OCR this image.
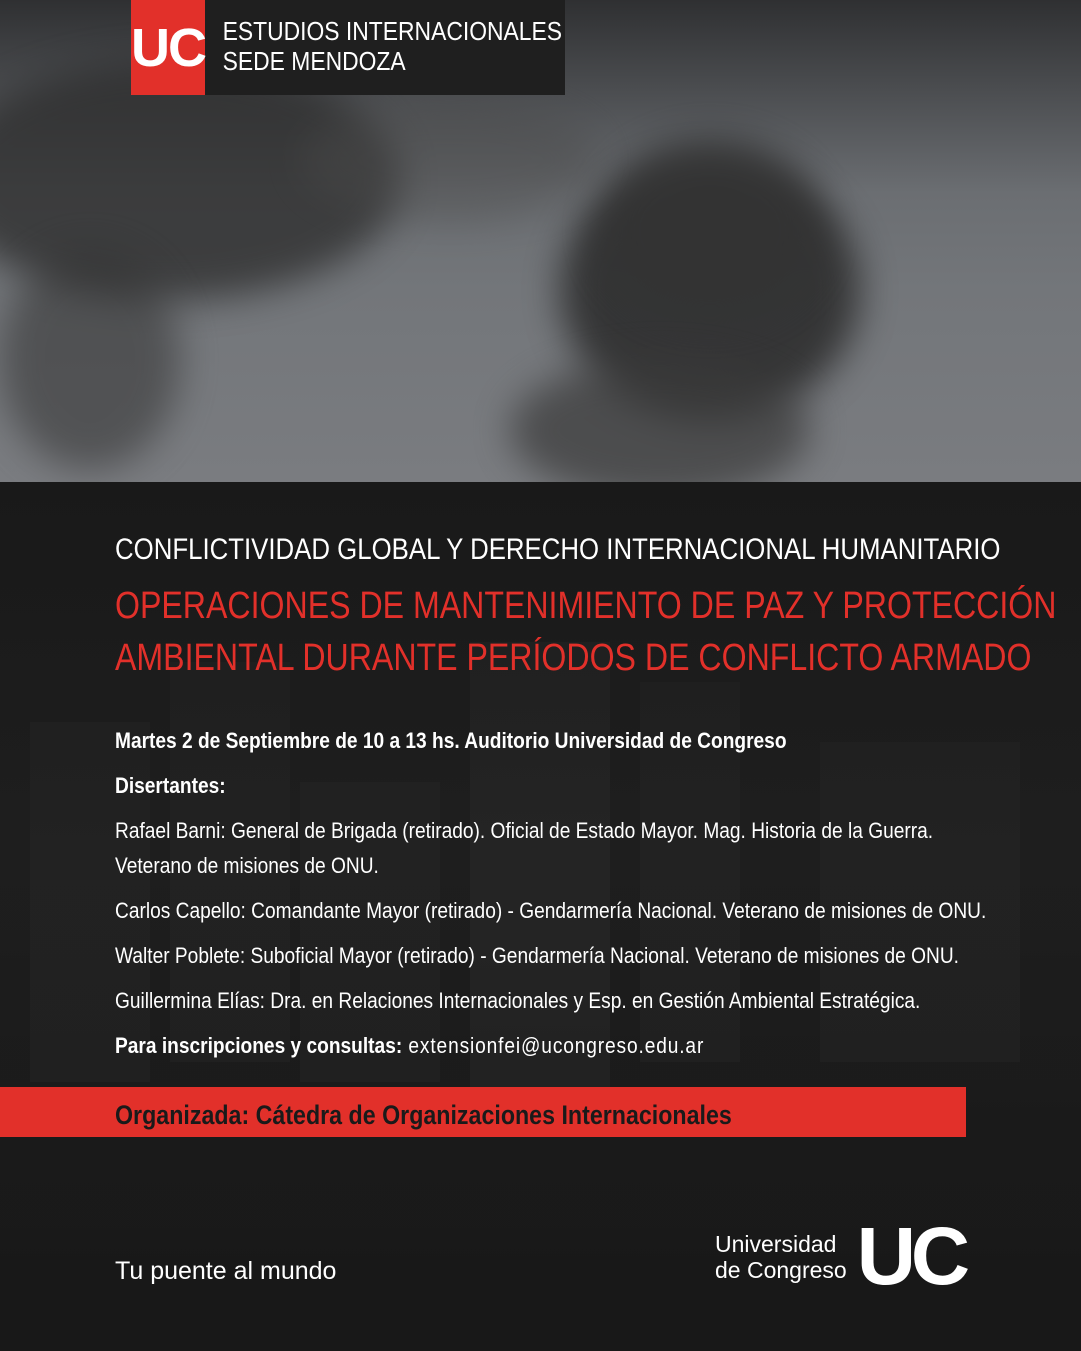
UC ESTUDIOS INTERNACIONALES
SEDE MENDOZA
CONFLICTIVIDAD GLOBAL Y DERECHO INTERNACIONAL HUMANITARIO
OPERACIONES DE MANTENIMIENTO DE PAZ Y PROTECCIÓN
AMBIENTAL DURANTE PERÍODOS DE CONFLICTO ARMADO
Martes 2 de Septiembre de 10 a 13 hs. Auditorio Universidad de Congreso
Disertantes:
Rafael Barni: General de Brigada (retirado). Oficial de Estado Mayor. Mag. Historia de la Guerra.
Veterano de misiones de ONU.
Carlos Capello: Comandante Mayor (retirado) - Gendarmería Nacional. Veterano de misiones de ONU.
Walter Poblete: Suboficial Mayor (retirado) - Gendarmería Nacional. Veterano de misiones de ONU.
Guillermina Elías: Dra. en Relaciones Internacionales y Esp. en Gestión Ambiental Estratégica.
Para inscripciones y consultas: extensionfei@ucongreso.edu.ar
Organizada: Cátedra de Organizaciones Internacionales
Tu puente al mundo
Universidad
de Congreso UC
